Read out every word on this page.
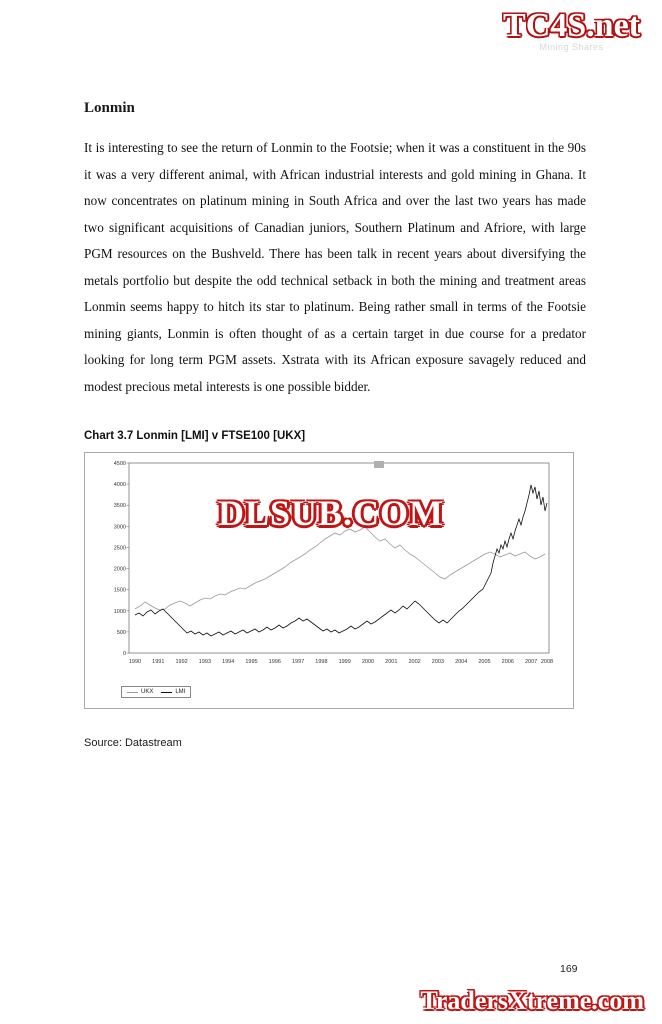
TC4S.net
Mining Shares
Lonmin

It is interesting to see the return of Lonmin to the Footsie; when it was a constituent in the 90s it was a very different animal, with African industrial interests and gold mining in Ghana. It now concentrates on platinum mining in South Africa and over the last two years has made two significant acquisitions of Canadian juniors, Southern Platinum and Afriore, with large PGM resources on the Bushveld. There has been talk in recent years about diversifying the metals portfolio but despite the odd technical setback in both the mining and treatment areas Lonmin seems happy to hitch its star to platinum. Being rather small in terms of the Footsie mining giants, Lonmin is often thought of as a certain target in due course for a predator looking for long term PGM assets. Xstrata with its African exposure savagely reduced and modest precious metal interests is one possible bidder.

Chart 3.7 Lonmin [LMI] v FTSE100 [UKX]
4500
4000
3500
3000
2500
2000
1500
1000
500
0
1990 1991 1992 1993 1994 1995 1996 1997 1998 1999 2000 2001 2002 2003 2004 2005 2006 2007 2008
UKX	LMI
Source: Datastream
DLSUB.COM
169
TradersXtreme.com
